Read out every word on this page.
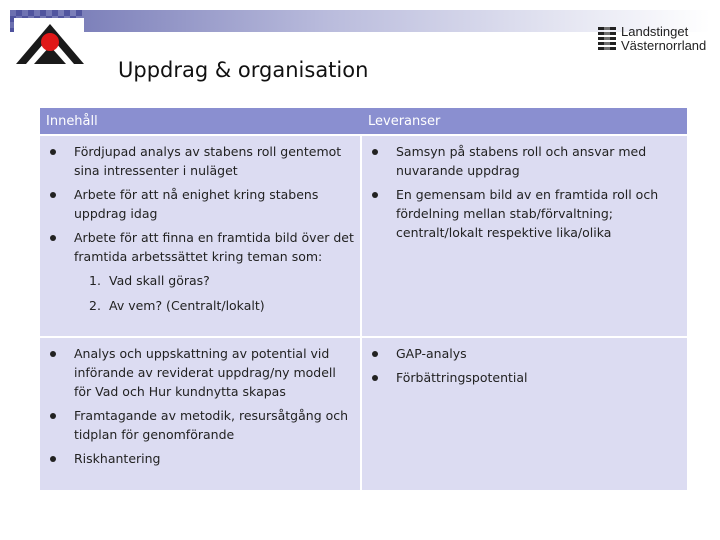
Landstinget
Västernorrland
Uppdrag & organisation
Innehåll	Leveranser
Fördjupad analys av stabens roll gentemot sina intressenter i nuläget
Arbete för att nå enighet kring stabens uppdrag idag
Arbete för att finna en framtida bild över det framtida arbetssättet kring teman som:
1. Vad skall göras?
2. Av vem? (Centralt/lokalt)
Samsyn på stabens roll och ansvar med nuvarande uppdrag
En gemensam bild av en framtida roll och fördelning mellan stab/förvaltning; centralt/lokalt respektive lika/olika
Analys och uppskattning av potential vid införande av reviderat uppdrag/ny modell för Vad och Hur kundnytta skapas
Framtagande av metodik, resursåtgång och tidplan för genomförande
Riskhantering
GAP-analys
Förbättringspotential
